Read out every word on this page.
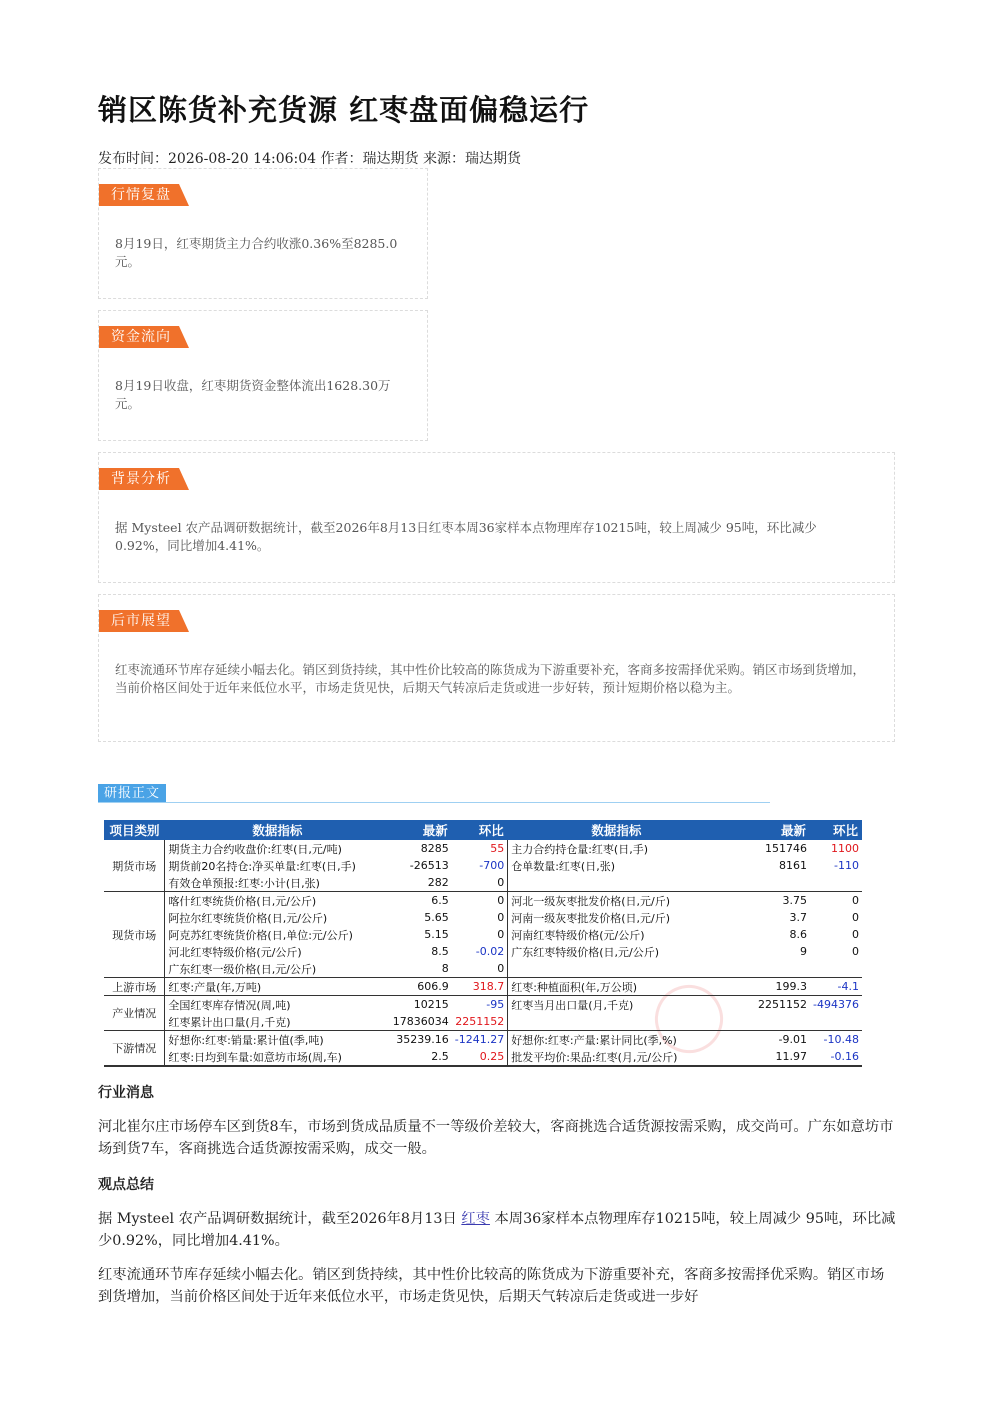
销区陈货补充货源 红枣盘面偏稳运行
发布时间：2026-08-20 14:06:04 作者：瑞达期货 来源：瑞达期货
行情复盘
8月19日，红枣期货主力合约收涨0.36%至8285.0元。
资金流向
8月19日收盘，红枣期货资金整体流出1628.30万元。
背景分析
据 Mysteel 农产品调研数据统计，截至2026年8月13日红枣本周36家样本点物理库存10215吨，较上周减少 95吨，环比减少0.92%，同比增加4.41%。
后市展望
红枣流通环节库存延续小幅去化。销区到货持续，其中性价比较高的陈货成为下游重要补充，客商多按需择优采购。销区市场到货增加，当前价格区间处于近年来低位水平，市场走货见快，后期天气转凉后走货或进一步好转，预计短期价格以稳为主。
研报正文
项目类别	数据指标	最新	环比	数据指标	最新	环比
期货市场	期货主力合约收盘价:红枣(日,元/吨)	8285	55	主力合约持仓量:红枣(日,手)	151746	1100
	期货前20名持仓:净买单量:红枣(日,手)	-26513	-700	仓单数量:红枣(日,张)	8161	-110
	有效仓单预报:红枣:小计(日,张)	282	0			
现货市场	喀什红枣统货价格(日,元/公斤)	6.5	0	河北一级灰枣批发价格(日,元/斤)	3.75	0
	阿拉尔红枣统货价格(日,元/公斤)	5.65	0	河南一级灰枣批发价格(日,元/斤)	3.7	0
	阿克苏红枣统货价格(日,单位:元/公斤)	5.15	0	河南红枣特级价格(元/公斤)	8.6	0
	河北红枣特级价格(元/公斤)	8.5	-0.02	广东红枣特级价格(日,元/公斤)	9	0
	广东红枣一级价格(日,元/公斤)	8	0			
上游市场	红枣:产量(年,万吨)	606.9	318.7	红枣:种植面积(年,万公顷)	199.3	-4.1
产业情况	全国红枣库存情况(周,吨)	10215	-95	红枣当月出口量(月,千克)	2251152	-494376
	红枣累计出口量(月,千克)	17836034	2251152			
下游情况	好想你:红枣:销量:累计值(季,吨)	35239.16	-1241.27	好想你:红枣:产量:累计同比(季,%)	-9.01	-10.48
	红枣:日均到车量:如意坊市场(周,车)	2.5	0.25	批发平均价:果品:红枣(月,元/公斤)	11.97	-0.16
行业消息
河北崔尔庄市场停车区到货8车，市场到货成品质量不一等级价差较大，客商挑选合适货源按需采购，成交尚可。广东如意坊市场到货7车，客商挑选合适货源按需采购，成交一般。
观点总结
据 Mysteel 农产品调研数据统计，截至2026年8月13日 红枣 本周36家样本点物理库存10215吨，较上周减少 95吨，环比减少0.92%，同比增加4.41%。
红枣流通环节库存延续小幅去化。销区到货持续，其中性价比较高的陈货成为下游重要补充，客商多按需择优采购。销区市场到货增加，当前价格区间处于近年来低位水平，市场走货见快，后期天气转凉后走货或进一步好
